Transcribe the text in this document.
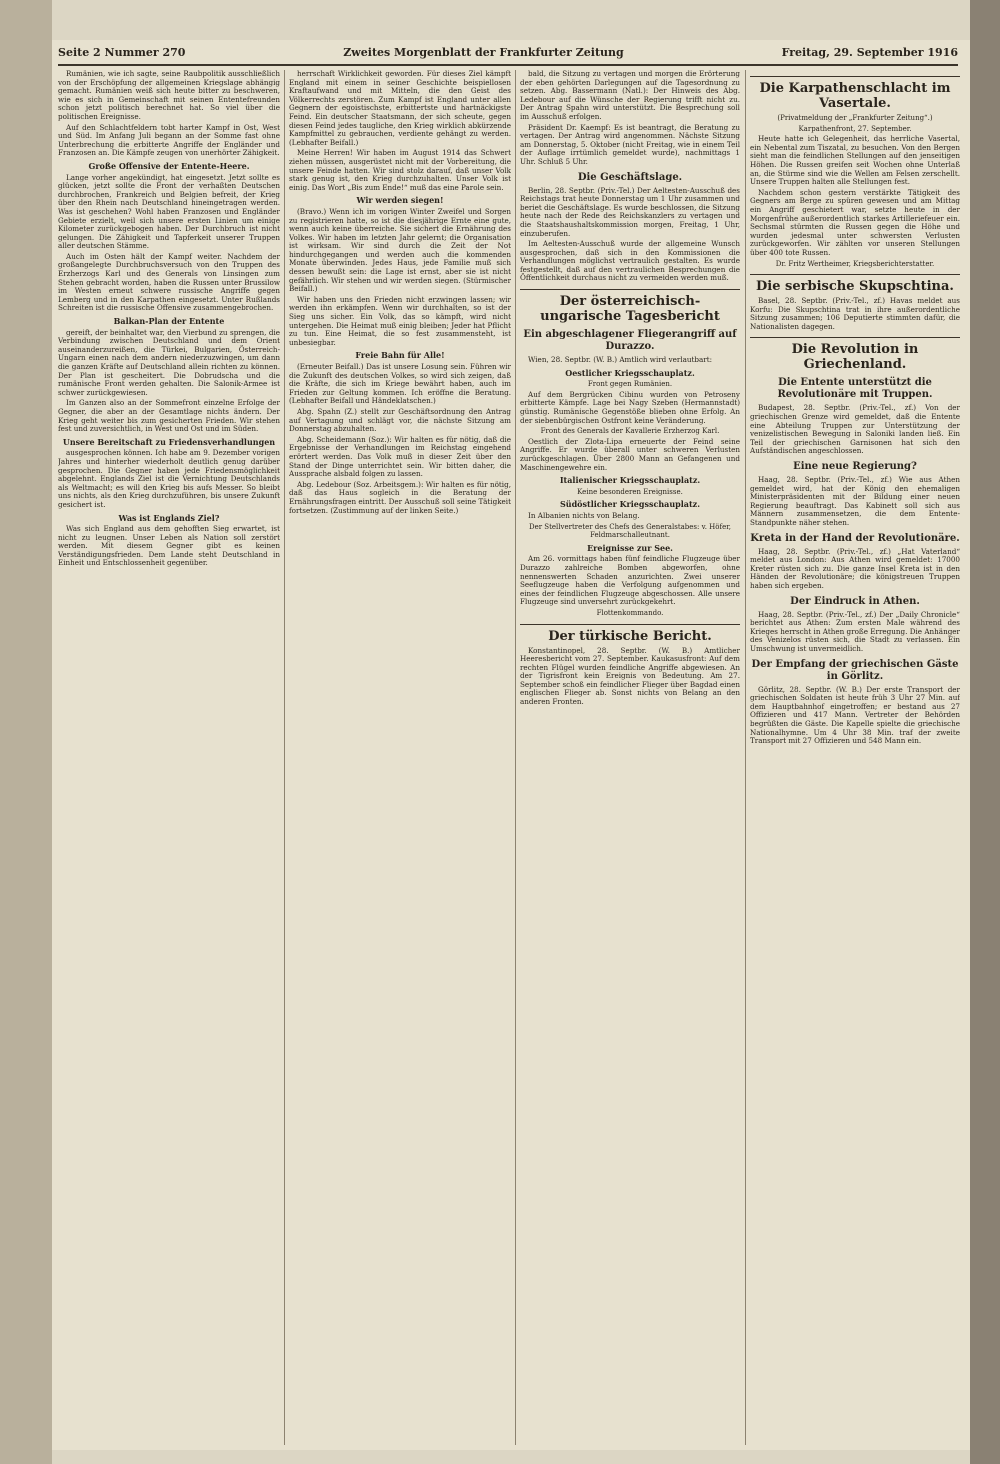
Seite 2 Nummer 270	Zweites Morgenblatt der Frankfurter Zeitung	Freitag, 29. September 1916

Rumänien, wie ich sagte, seine Raubpolitik ausschließlich von der Erschöpfung der allgemeinen Kriegslage abhängig gemacht. Rumänien weiß sich heute bitter zu beschweren, wie es sich in Gemeinschaft mit seinen Ententefreunden schon jetzt politisch berechnet hat. So viel über die politischen Ereignisse.

Auf den Schlachtfeldern tobt harter Kampf in Ost, West und Süd. Im Anfang Juli begann an der Somme fast ohne Unterbrechung die erbitterte Angriffe der Engländer und Franzosen an. Die Kämpfe zeugen von unerhörter Zähigkeit.

Große Offensive der Entente-Heere.

Lange vorher angekündigt, hat eingesetzt. Jetzt sollte es glücken, jetzt sollte die Front der verhaßten Deutschen durchbrochen, Frankreich und Belgien befreit, der Krieg über den Rhein nach Deutschland hineingetragen werden. Was ist geschehen? Wohl haben Franzosen und Engländer Gebiete erzielt, weil sich unsere ersten Linien um einige Kilometer zurückgebogen haben. Der Durchbruch ist nicht gelungen. Die Zähigkeit und Tapferkeit unserer Truppen aller deutschen Stämme.

Auch im Osten hält der Kampf weiter. Nachdem der großangelegte Durchbruchsversuch von den Truppen des Erzherzogs Karl und des Generals von Linsingen zum Stehen gebracht worden, haben die Russen unter Brussilow im Westen erneut schwere russische Angriffe gegen Lemberg und in den Karpathen eingesetzt. Unter Rußlands Schreiten ist die russische Offensive zusammengebrochen.

Balkan-Plan der Entente

gereift, der beinhaltet war, den Vierbund zu sprengen, die Verbindung zwischen Deutschland und dem Orient auseinanderzureißen, die Türkei, Bulgarien, Österreich-Ungarn einen nach dem andern niederzuzwingen, um dann die ganzen Kräfte auf Deutschland allein richten zu können. Der Plan ist gescheitert. Die Dobrudscha und die rumänische Front werden gehalten. Die Salonik-Armee ist schwer zurückgewiesen.

Im Ganzen also an der Sommefront einzelne Erfolge der Gegner, die aber an der Gesamtlage nichts ändern. Der Krieg geht weiter bis zum gesicherten Frieden. Wir stehen fest und zuversichtlich, in West und Ost und im Süden.

Unsere Bereitschaft zu Friedensverhandlungen

ausgesprochen können. Ich habe am 9. Dezember vorigen Jahres und hinterher wiederholt deutlich genug darüber gesprochen. Die Gegner haben jede Friedensmöglichkeit abgelehnt. Englands Ziel ist die Vernichtung Deutschlands als Weltmacht; es will den Krieg bis aufs Messer. So bleibt uns nichts, als den Krieg durchzuführen, bis unsere Zukunft gesichert ist.

Was ist Englands Ziel?

Was sich England aus dem gehofften Sieg erwartet, ist nicht zu leugnen. Unser Leben als Nation soll zerstört werden. Mit diesem Gegner gibt es keinen Verständigungsfrieden. Dem Lande steht Deutschland in Einheit und Entschlossenheit gegenüber.

herrschaft Wirklichkeit geworden. Für dieses Ziel kämpft England mit einem in seiner Geschichte beispiellosen Kraftaufwand und mit Mitteln, die den Geist des Völkerrechts zerstören. Zum Kampf ist England unter allen Gegnern der egoistischste, erbittertste und hartnäckigste Feind. Ein deutscher Staatsmann, der sich scheute, gegen diesen Feind jedes taugliche, den Krieg wirklich abkürzende Kampfmittel zu gebrauchen, verdiente gehängt zu werden. (Lebhafter Beifall.)

Meine Herren! Wir haben im August 1914 das Schwert ziehen müssen, ausgerüstet nicht mit der Vorbereitung, die unsere Feinde hatten. Wir sind stolz darauf, daß unser Volk stark genug ist, den Krieg durchzuhalten. Unser Volk ist einig. Das Wort „Bis zum Ende!“ muß das eine Parole sein.

Wir werden siegen!

(Bravo.) Wenn ich im vorigen Winter Zweifel und Sorgen zu registrieren hatte, so ist die diesjährige Ernte eine gute, wenn auch keine überreiche. Sie sichert die Ernährung des Volkes. Wir haben im letzten Jahr gelernt; die Organisation ist wirksam. Wir sind durch die Zeit der Not hindurchgegangen und werden auch die kommenden Monate überwinden. Jedes Haus, jede Familie muß sich dessen bewußt sein: die Lage ist ernst, aber sie ist nicht gefährlich. Wir stehen und wir werden siegen. (Stürmischer Beifall.)

Wir haben uns den Frieden nicht erzwingen lassen; wir werden ihn erkämpfen. Wenn wir durchhalten, so ist der Sieg uns sicher. Ein Volk, das so kämpft, wird nicht untergehen. Die Heimat muß einig bleiben; Jeder hat Pflicht zu tun. Eine Heimat, die so fest zusammensteht, ist unbesiegbar.

Freie Bahn für Alle!

(Erneuter Beifall.) Das ist unsere Losung sein. Führen wir die Zukunft des deutschen Volkes, so wird sich zeigen, daß die Kräfte, die sich im Kriege bewährt haben, auch im Frieden zur Geltung kommen. Ich eröffne die Beratung. (Lebhafter Beifall und Händeklatschen.)

Abg. Spahn (Z.) stellt zur Geschäftsordnung den Antrag auf Vertagung und schlägt vor, die nächste Sitzung am Donnerstag abzuhalten.

Abg. Scheidemann (Soz.): Wir halten es für nötig, daß die Ergebnisse der Verhandlungen im Reichstag eingehend erörtert werden. Das Volk muß in dieser Zeit über den Stand der Dinge unterrichtet sein. Wir bitten daher, die Aussprache alsbald folgen zu lassen.

Abg. Ledebour (Soz. Arbeitsgem.): Wir halten es für nötig, daß das Haus sogleich in die Beratung der Ernährungsfragen eintritt. Der Ausschuß soll seine Tätigkeit fortsetzen. (Zustimmung auf der linken Seite.)

bald, die Sitzung zu vertagen und morgen die Erörterung der eben gehörten Darlegungen auf die Tagesordnung zu setzen. Abg. Bassermann (Natl.): Der Hinweis des Abg. Ledebour auf die Wünsche der Regierung trifft nicht zu. Der Antrag Spahn wird unterstützt. Die Besprechung soll im Ausschuß erfolgen.

Präsident Dr. Kaempf: Es ist beantragt, die Beratung zu vertagen. Der Antrag wird angenommen. Nächste Sitzung am Donnerstag, 5. Oktober (nicht Freitag, wie in einem Teil der Auflage irrtümlich gemeldet wurde), nachmittags 1 Uhr. Schluß 5 Uhr.

Die Geschäftslage.

Berlin, 28. Septbr. (Priv.-Tel.) Der Aeltesten-Ausschuß des Reichstags trat heute Donnerstag um 1 Uhr zusammen und beriet die Geschäftslage. Es wurde beschlossen, die Sitzung heute nach der Rede des Reichskanzlers zu vertagen und die Staatshaushaltskommission morgen, Freitag, 1 Uhr, einzuberufen.

Im Aeltesten-Ausschuß wurde der allgemeine Wunsch ausgesprochen, daß sich in den Kommissionen die Verhandlungen möglichst vertraulich gestalten. Es wurde festgestellt, daß auf den vertraulichen Besprechungen die Öffentlichkeit durchaus nicht zu vermeiden werden muß.

Der österreichisch-ungarische Tagesbericht
Ein abgeschlagener Fliegerangriff auf Durazzo.

Wien, 28. Septbr. (W. B.) Amtlich wird verlautbart:

Oestlicher Kriegsschauplatz.
Front gegen Rumänien.

Auf dem Bergrücken Cibinu wurden von Petroseny erbitterte Kämpfe. Lage bei Nagy Szeben (Hermannstadt) günstig. Rumänische Gegenstöße blieben ohne Erfolg. An der siebenbürgischen Ostfront keine Veränderung.

Front des Generals der Kavallerie Erzherzog Karl.

Oestlich der Zlota-Lipa erneuerte der Feind seine Angriffe. Er wurde überall unter schweren Verlusten zurückgeschlagen. Über 2800 Mann an Gefangenen und Maschinengewehre ein.

Italienischer Kriegsschauplatz.
Keine besonderen Ereignisse.
Südöstlicher Kriegsschauplatz.

In Albanien nichts von Belang.

Der Stellvertreter des Chefs des Generalstabes: v. Höfer, Feldmarschalleutnant.
Ereignisse zur See.

Am 26. vormittags haben fünf feindliche Flugzeuge über Durazzo zahlreiche Bomben abgeworfen, ohne nennenswerten Schaden anzurichten. Zwei unserer Seeflugzeuge haben die Verfolgung aufgenommen und eines der feindlichen Flugzeuge abgeschossen. Alle unsere Flugzeuge sind unversehrt zurückgekehrt.

Flottenkommando.
Der türkische Bericht.

Konstantinopel, 28. Septbr. (W. B.) Amtlicher Heeresbericht vom 27. September. Kaukasusfront: Auf dem rechten Flügel wurden feindliche Angriffe abgewiesen. An der Tigrisfront kein Ereignis von Bedeutung. Am 27. September schoß ein feindlicher Flieger über Bagdad einen englischen Flieger ab. Sonst nichts von Belang an den anderen Fronten.

Die Karpathenschlacht im Vasertale.
(Privatmeldung der „Frankfurter Zeitung“.)
Karpathenfront, 27. September.

Heute hatte ich Gelegenheit, das herrliche Vasertal, ein Nebental zum Tiszatal, zu besuchen. Von den Bergen sieht man die feindlichen Stellungen auf den jenseitigen Höhen. Die Russen greifen seit Wochen ohne Unterlaß an, die Stürme sind wie die Wellen am Felsen zerschellt. Unsere Truppen halten alle Stellungen fest.

Nachdem schon gestern verstärkte Tätigkeit des Gegners am Berge zu spüren gewesen und am Mittag ein Angriff geschietert war, setzte heute in der Morgenfrühe außerordentlich starkes Artilleriefeuer ein. Sechsmal stürmten die Russen gegen die Höhe und wurden jedesmal unter schwersten Verlusten zurückgeworfen. Wir zählten vor unseren Stellungen über 400 tote Russen.

Dr. Fritz Wertheimer, Kriegsberichterstatter.
Die serbische Skupschtina.

Basel, 28. Septbr. (Priv.-Tel., zf.) Havas meldet aus Korfu: Die Skupschtina trat in ihre außerordentliche Sitzung zusammen; 106 Deputierte stimmten dafür, die Nationalisten dagegen.

Die Revolution in Griechenland.
Die Entente unterstützt die Revolutionäre mit Truppen.

Budapest, 28. Septbr. (Priv.-Tel., zf.) Von der griechischen Grenze wird gemeldet, daß die Entente eine Abteilung Truppen zur Unterstützung der venizelistischen Bewegung in Saloniki landen ließ. Ein Teil der griechischen Garnisonen hat sich den Aufständischen angeschlossen.

Eine neue Regierung?

Haag, 28. Septbr. (Priv.-Tel., zf.) Wie aus Athen gemeldet wird, hat der König den ehemaligen Ministerpräsidenten mit der Bildung einer neuen Regierung beauftragt. Das Kabinett soll sich aus Männern zusammensetzen, die dem Entente-Standpunkte näher stehen.

Kreta in der Hand der Revolutionäre.

Haag, 28. Septbr. (Priv.-Tel., zf.) „Hat Vaterland“ meldet aus London: Aus Athen wird gemeldet: 17000 Kreter rüsten sich zu. Die ganze Insel Kreta ist in den Händen der Revolutionäre; die königstreuen Truppen haben sich ergeben.

Der Eindruck in Athen.

Haag, 28. Septbr. (Priv.-Tel., zf.) Der „Daily Chronicle“ berichtet aus Athen: Zum ersten Male während des Krieges herrscht in Athen große Erregung. Die Anhänger des Venizelos rüsten sich, die Stadt zu verlassen. Ein Umschwung ist unvermeidlich.

Der Empfang der griechischen Gäste in Görlitz.

Görlitz, 28. Septbr. (W. B.) Der erste Transport der griechischen Soldaten ist heute früh 3 Uhr 27 Min. auf dem Hauptbahnhof eingetroffen; er bestand aus 27 Offizieren und 417 Mann. Vertreter der Behörden begrüßten die Gäste. Die Kapelle spielte die griechische Nationalhymne. Um 4 Uhr 38 Min. traf der zweite Transport mit 27 Offizieren und 548 Mann ein.
